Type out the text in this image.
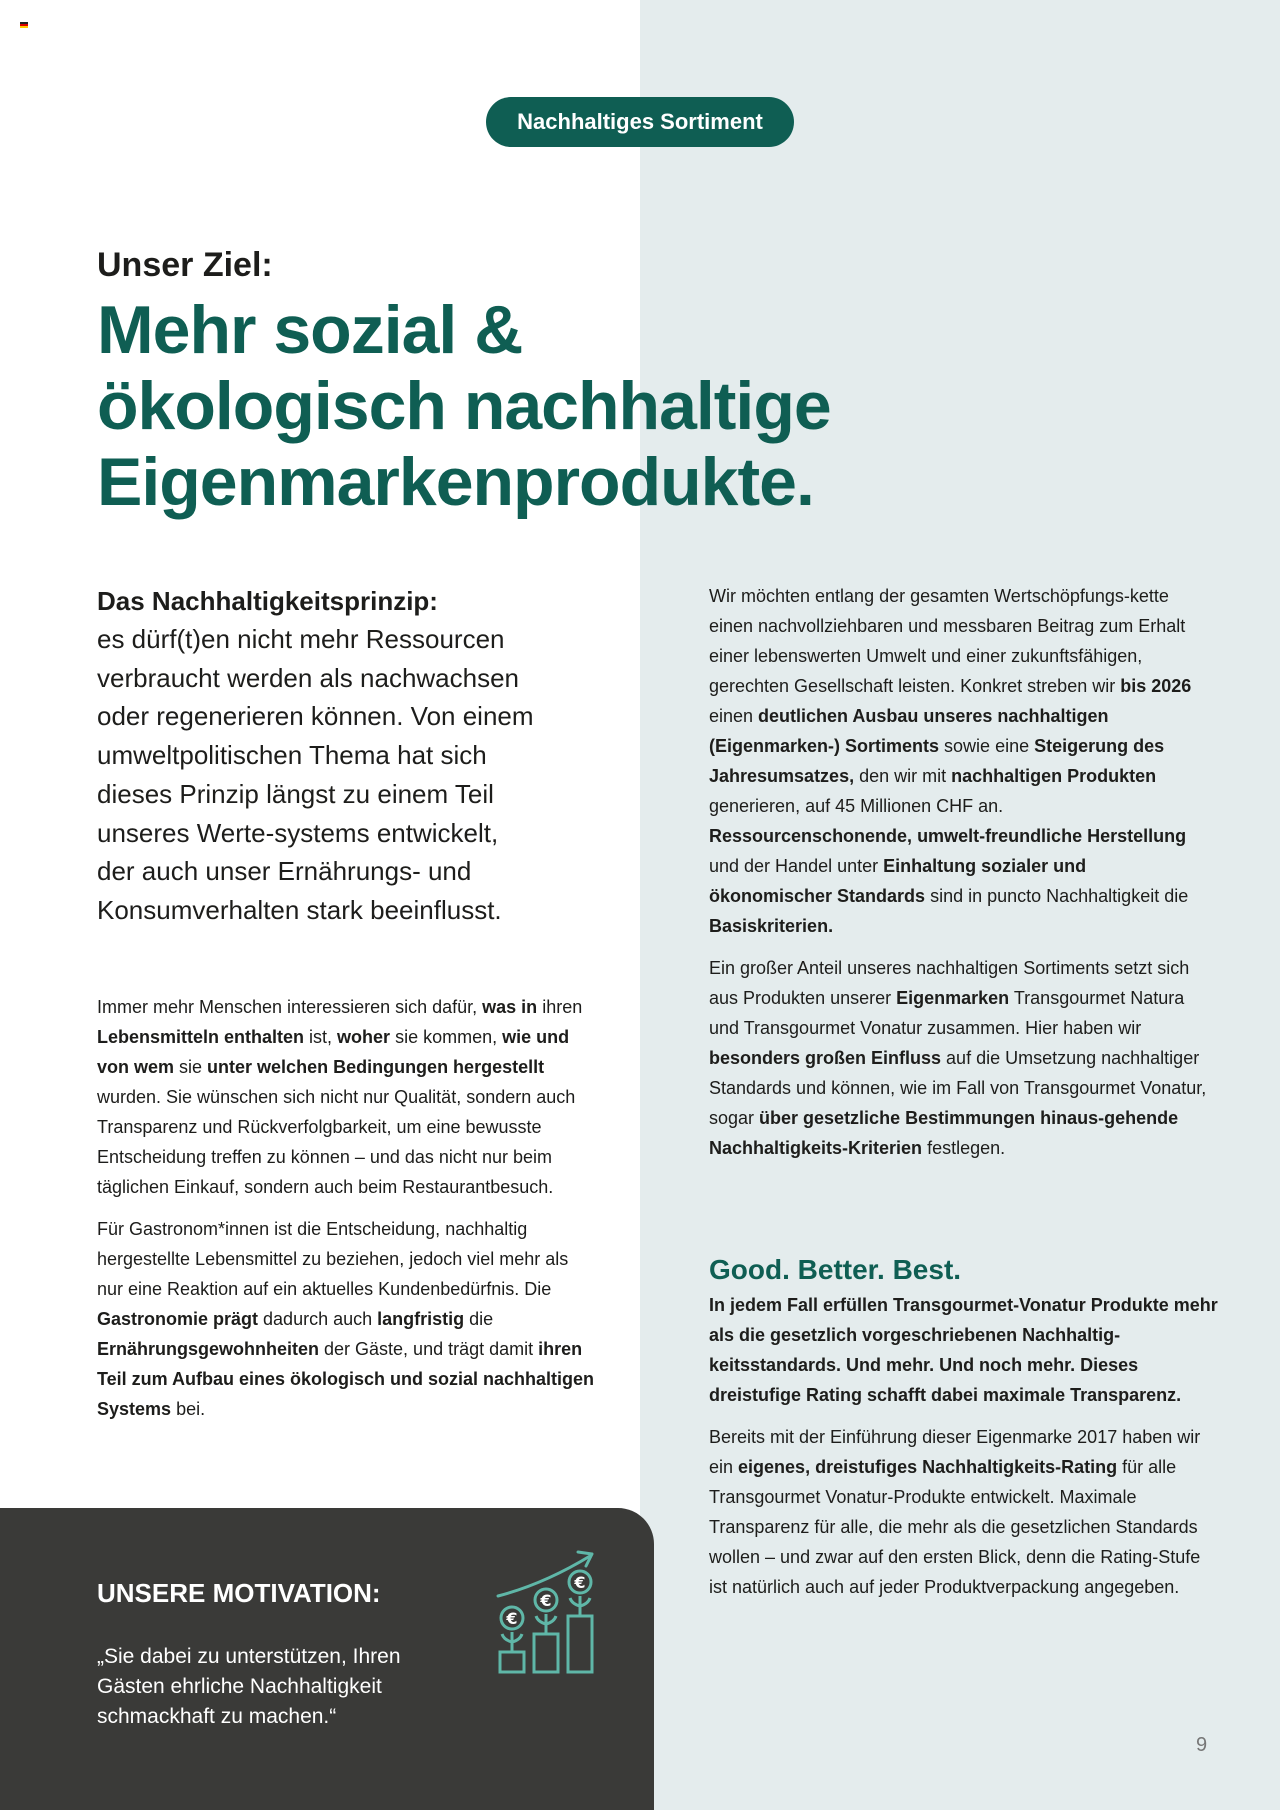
Nachhaltiges Sortiment
Unser Ziel:
Mehr sozial &
ökologisch nachhaltige
Eigenmarkenprodukte.
Das Nachhaltigkeitsprinzip:
es dürf(t)en nicht mehr Ressourcen
verbraucht werden als nachwachsen
oder regenerieren können. Von einem
umweltpolitischen Thema hat sich
dieses Prinzip längst zu einem Teil
unseres Werte-systems entwickelt,
der auch unser Ernährungs- und
Konsumverhalten stark beeinflusst.

Immer mehr Menschen interessieren sich dafür, was in ihren Lebensmitteln enthalten ist, woher sie kommen, wie und von wem sie unter welchen Bedingungen hergestellt wurden. Sie wünschen sich nicht nur Qualität, sondern auch Transparenz und Rückverfolgbarkeit, um eine bewusste Entscheidung treffen zu können – und das nicht nur beim täglichen Einkauf, sondern auch beim Restaurantbesuch.

Für Gastronom*innen ist die Entscheidung, nachhaltig hergestellte Lebensmittel zu beziehen, jedoch viel mehr als nur eine Reaktion auf ein aktuelles Kundenbedürfnis. Die Gastronomie prägt dadurch auch langfristig die Ernährungsgewohnheiten der Gäste, und trägt damit ihren Teil zum Aufbau eines ökologisch und sozial nachhaltigen Systems bei.

Wir möchten entlang der gesamten Wertschöpfungs-kette einen nachvollziehbaren und messbaren Beitrag zum Erhalt einer lebenswerten Umwelt und einer zukunftsfähigen, gerechten Gesellschaft leisten. Konkret streben wir bis 2026 einen deutlichen Ausbau unseres nachhaltigen (Eigenmarken-) Sortiments sowie eine Steigerung des Jahresumsatzes, den wir mit nachhaltigen Produkten generieren, auf 45 Millionen CHF an. Ressourcenschonende, umwelt-freundliche Herstellung und der Handel unter Einhaltung sozialer und ökonomischer Standards sind in puncto Nachhaltigkeit die Basiskriterien.

Ein großer Anteil unseres nachhaltigen Sortiments setzt sich aus Produkten unserer Eigenmarken Transgourmet Natura und Transgourmet Vonatur zusammen. Hier haben wir besonders großen Einfluss auf die Umsetzung nachhaltiger Standards und können, wie im Fall von Transgourmet Vonatur, sogar über gesetzliche Bestimmungen hinaus-gehende Nachhaltigkeits-Kriterien festlegen.

Good. Better. Best.
In jedem Fall erfüllen Transgourmet-Vonatur Produkte mehr als die gesetzlich vorgeschriebenen Nachhaltig-keitsstandards. Und mehr. Und noch mehr. Dieses dreistufige Rating schafft dabei maximale Transparenz.

Bereits mit der Einführung dieser Eigenmarke 2017 haben wir ein eigenes, dreistufiges Nachhaltigkeits-Rating für alle Transgourmet Vonatur-Produkte entwickelt. Maximale Transparenz für alle, die mehr als die gesetzlichen Standards wollen – und zwar auf den ersten Blick, denn die Rating-Stufe ist natürlich auch auf jeder Produktverpackung angegeben.

UNSERE MOTIVATION:
„Sie dabei zu unterstützen, Ihren Gästen ehrliche Nachhaltigkeit schmackhaft zu machen.“
€
€
€
9
